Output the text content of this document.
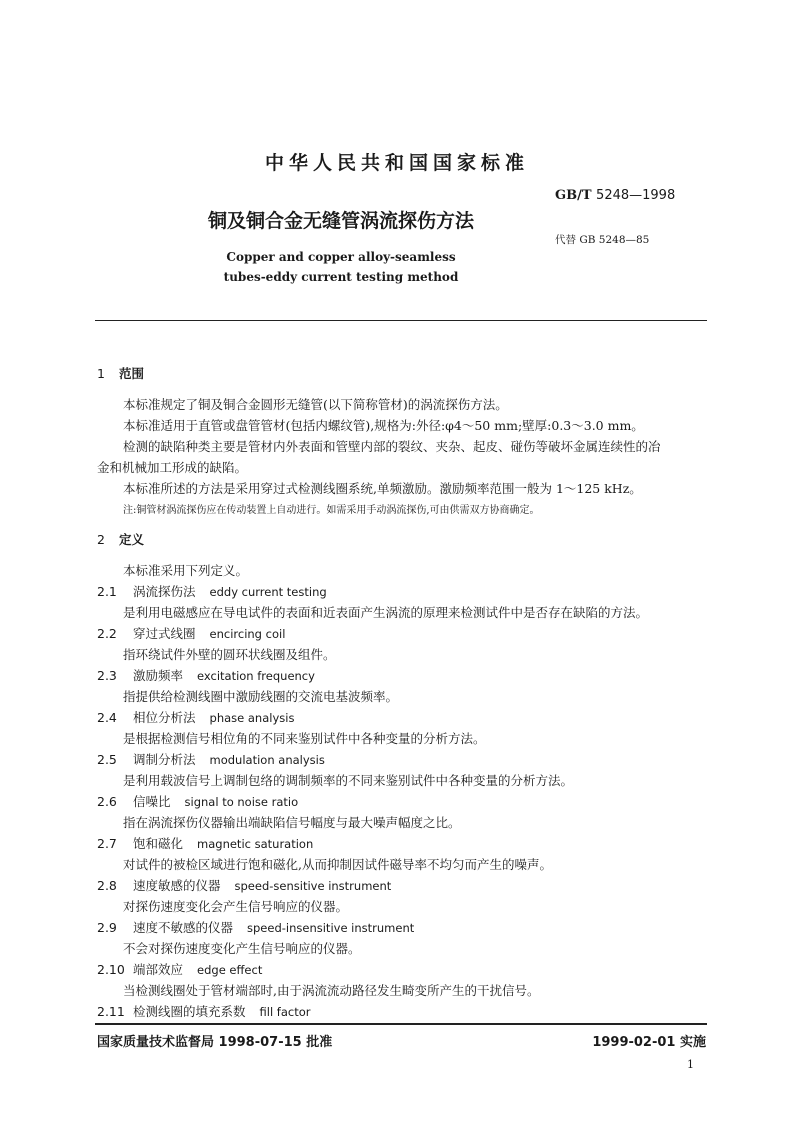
中华人民共和国国家标准
GB/T 5248—1998
铜及铜合金无缝管涡流探伤方法
代替 GB 5248—85
Copper and copper alloy-seamless
tubes-eddy current testing method
1 范围
本标准规定了铜及铜合金圆形无缝管(以下简称管材)的涡流探伤方法。
本标准适用于直管或盘管管材(包括内螺纹管),规格为:外径:φ4～50 mm;壁厚:0.3～3.0 mm。
检测的缺陷种类主要是管材内外表面和管壁内部的裂纹、夹杂、起皮、碰伤等破坏金属连续性的冶
金和机械加工形成的缺陷。
本标准所述的方法是采用穿过式检测线圈系统,单频激励。激励频率范围一般为 1～125 kHz。
注:铜管材涡流探伤应在传动装置上自动进行。如需采用手动涡流探伤,可由供需双方协商确定。
2 定义
本标准采用下列定义。
2.1 涡流探伤法 eddy current testing
是利用电磁感应在导电试件的表面和近表面产生涡流的原理来检测试件中是否存在缺陷的方法。
2.2 穿过式线圈 encircing coil
指环绕试件外壁的圆环状线圈及组件。
2.3 激励频率 excitation frequency
指提供给检测线圈中激励线圈的交流电基波频率。
2.4 相位分析法 phase analysis
是根据检测信号相位角的不同来鉴别试件中各种变量的分析方法。
2.5 调制分析法 modulation analysis
是利用载波信号上调制包络的调制频率的不同来鉴别试件中各种变量的分析方法。
2.6 信噪比 signal to noise ratio
指在涡流探伤仪器输出端缺陷信号幅度与最大噪声幅度之比。
2.7 饱和磁化 magnetic saturation
对试件的被检区域进行饱和磁化,从而抑制因试件磁导率不均匀而产生的噪声。
2.8 速度敏感的仪器 speed-sensitive instrument
对探伤速度变化会产生信号响应的仪器。
2.9 速度不敏感的仪器 speed-insensitive instrument
不会对探伤速度变化产生信号响应的仪器。
2.10 端部效应 edge effect
当检测线圈处于管材端部时,由于涡流流动路径发生畸变所产生的干扰信号。
2.11 检测线圈的填充系数 fill factor
国家质量技术监督局 1998-07-15 批准	1999-02-01 实施
1
